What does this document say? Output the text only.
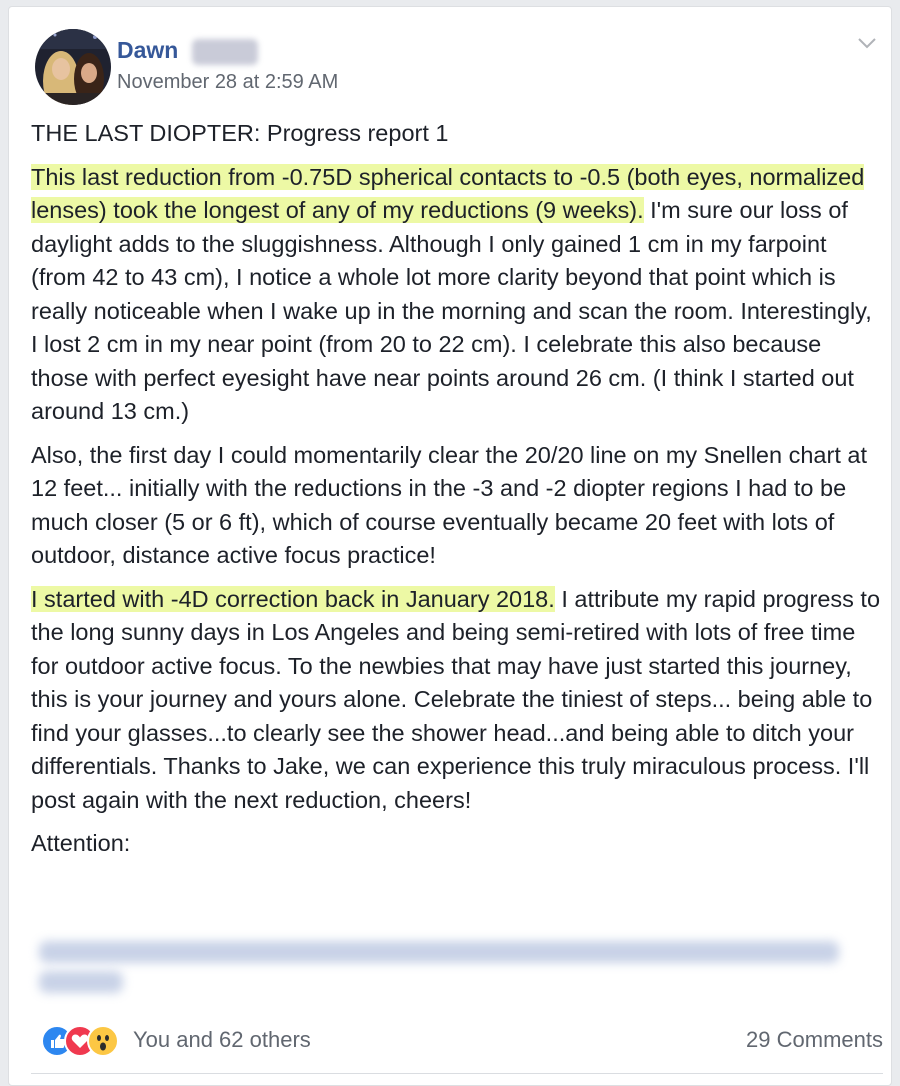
Dawn
November 28 at 2:59 AM

THE LAST DIOPTER: Progress report 1

This last reduction from -0.75D spherical contacts to -0.5 (both eyes, normalized lenses) took the longest of any of my reductions (9 weeks). I'm sure our loss of daylight adds to the sluggishness. Although I only gained 1 cm in my farpoint (from 42 to 43 cm), I notice a whole lot more clarity beyond that point which is really noticeable when I wake up in the morning and scan the room. Interestingly, I lost 2 cm in my near point (from 20 to 22 cm). I celebrate this also because those with perfect eyesight have near points around 26 cm. (I think I started out around 13 cm.)

Also, the first day I could momentarily clear the 20/20 line on my Snellen chart at 12 feet... initially with the reductions in the -3 and -2 diopter regions I had to be much closer (5 or 6 ft), which of course eventually became 20 feet with lots of outdoor, distance active focus practice!

I started with -4D correction back in January 2018. I attribute my rapid progress to the long sunny days in Los Angeles and being semi-retired with lots of free time for outdoor active focus. To the newbies that may have just started this journey, this is your journey and yours alone. Celebrate the tiniest of steps... being able to find your glasses...to clearly see the shower head...and being able to ditch your differentials. Thanks to Jake, we can experience this truly miraculous process. I'll post again with the next reduction, cheers!

Attention:

You and 62 others	29 Comments
